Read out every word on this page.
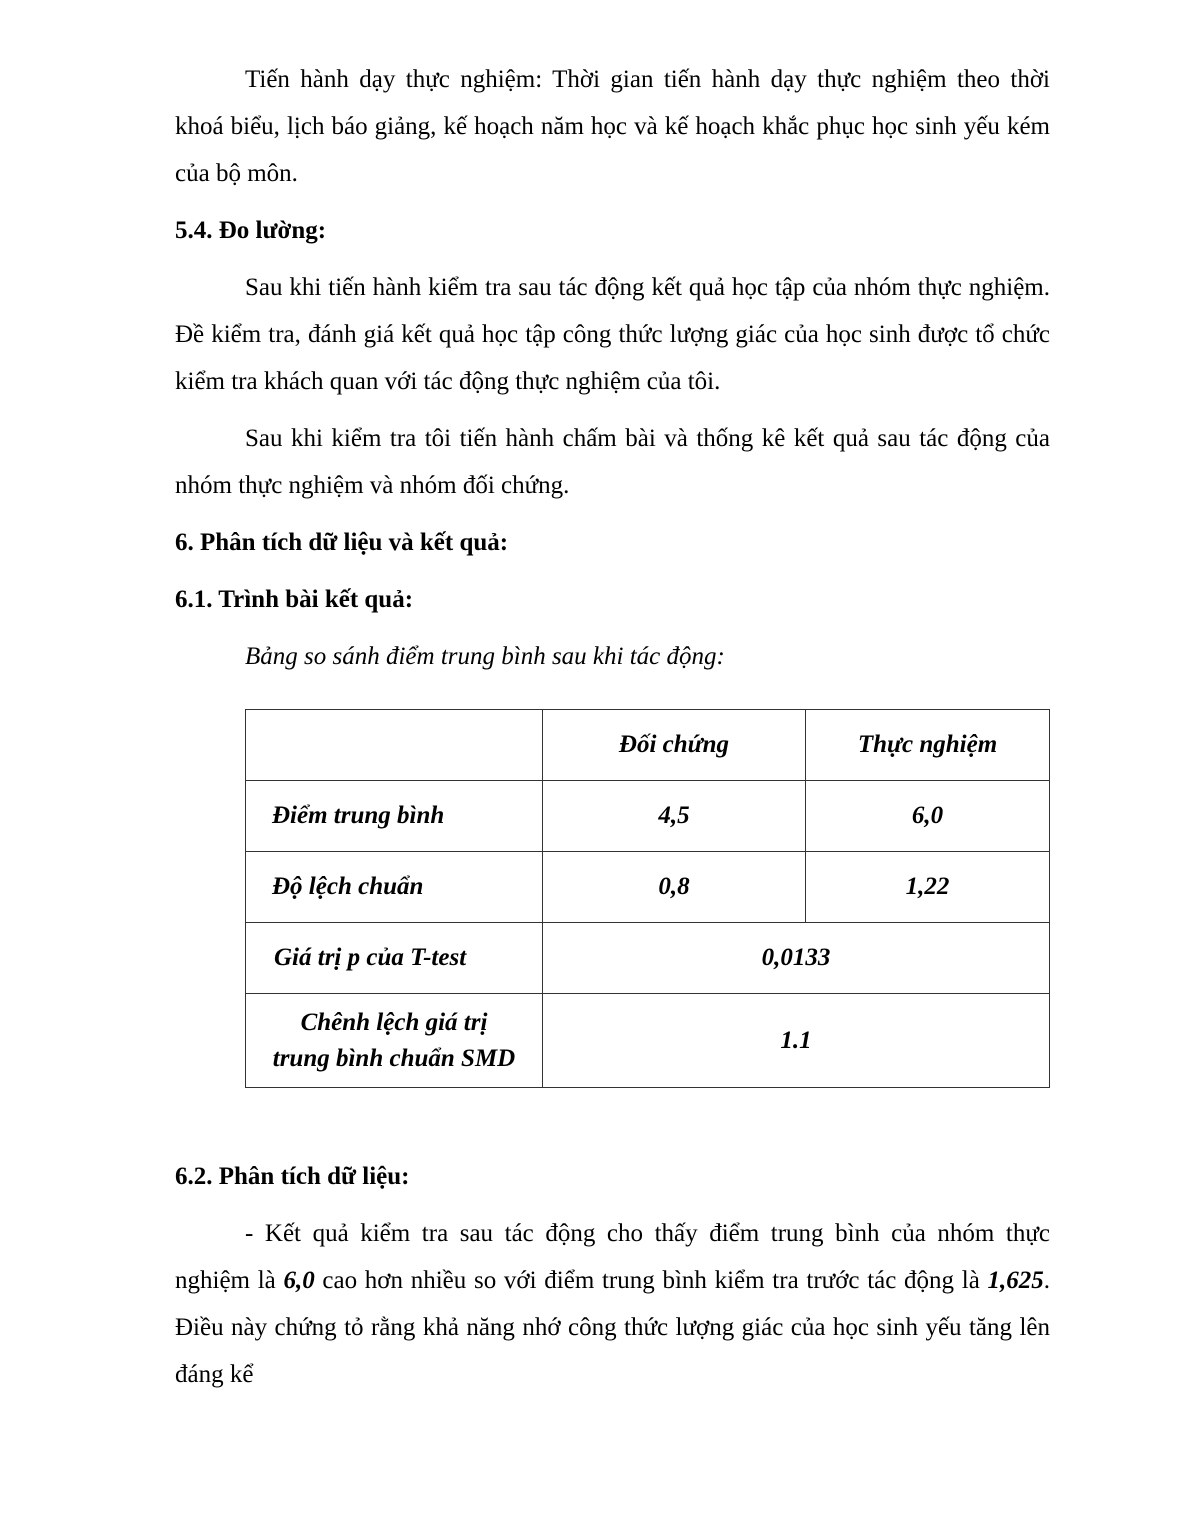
Tiến hành dạy thực nghiệm: Thời gian tiến hành dạy thực nghiệm theo thời khoá biểu, lịch báo giảng, kế hoạch năm học và kế hoạch khắc phục học sinh yếu kém của bộ môn.

5.4. Đo lường:

Sau khi tiến hành kiểm tra sau tác động kết quả học tập của nhóm thực nghiệm. Đề kiểm tra, đánh giá kết quả học tập công thức lượng giác của học sinh được tổ chức kiểm tra khách quan với tác động thực nghiệm của tôi.

Sau khi kiểm tra tôi tiến hành chấm bài và thống kê kết quả sau tác động của nhóm thực nghiệm và nhóm đối chứng.

6. Phân tích dữ liệu và kết quả:
6.1. Trình bài kết quả:
Bảng so sánh điểm trung bình sau khi tác động:
	Đối chứng	Thực nghiệm
Điểm trung bình	4,5	6,0
Độ lệch chuẩn	0,8	1,22
Giá trị p của T-test	0,0133	
Chênh lệch giá trị
trung bình chuẩn SMD	1.1	
6.2. Phân tích dữ liệu:

- Kết quả kiểm tra sau tác động cho thấy điểm trung bình của nhóm thực nghiệm là 6,0 cao hơn nhiều so với điểm trung bình kiểm tra trước tác động là 1,625. Điều này chứng tỏ rằng khả năng nhớ công thức lượng giác của học sinh yếu tăng lên đáng kể
